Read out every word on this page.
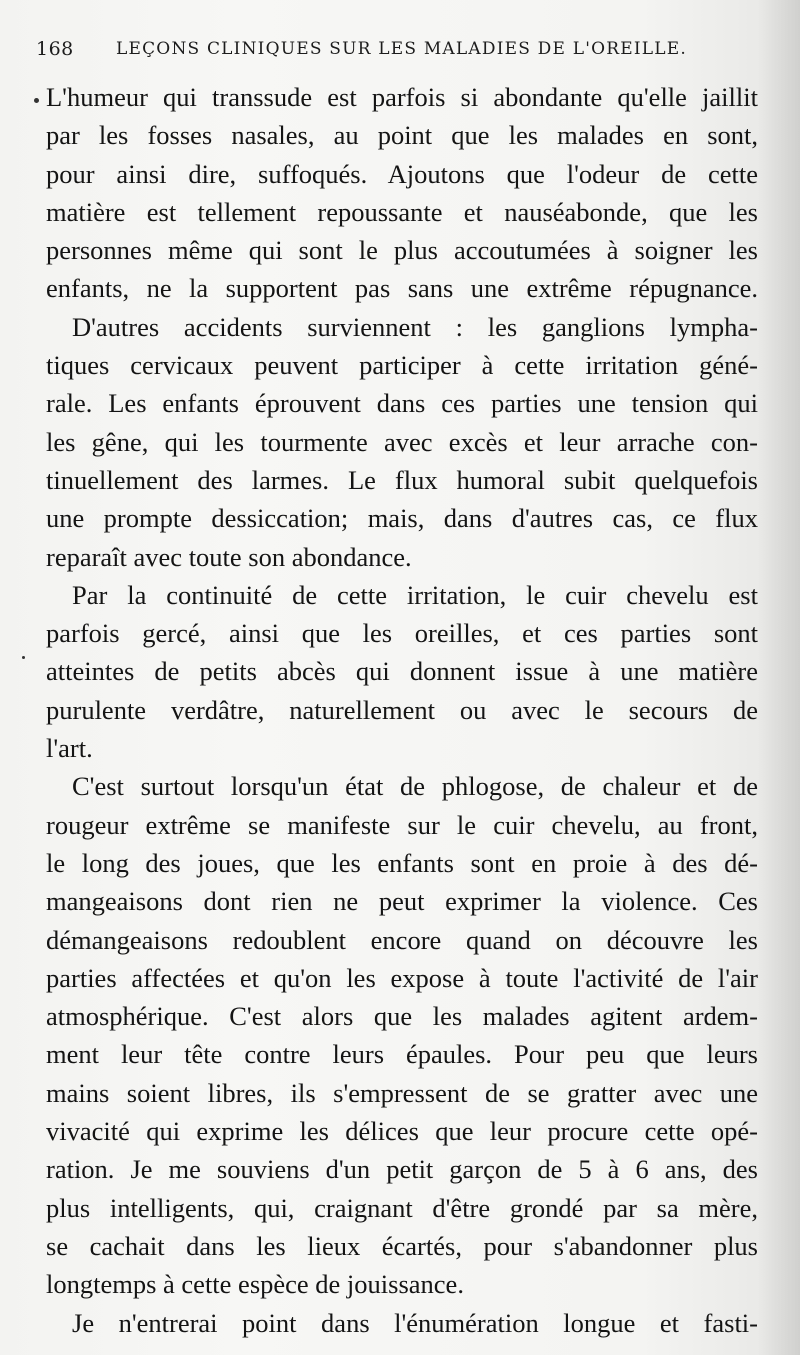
168 LEÇONS CLINIQUES SUR LES MALADIES DE L'OREILLE.
L'humeur qui transsude est parfois si abondante qu'elle jaillit
par les fosses nasales, au point que les malades en sont,
pour ainsi dire, suffoqués. Ajoutons que l'odeur de cette
matière est tellement repoussante et nauséabonde, que les
personnes même qui sont le plus accoutumées à soigner les
enfants, ne la supportent pas sans une extrême répugnance.
D'autres accidents surviennent : les ganglions lympha-
tiques cervicaux peuvent participer à cette irritation géné-
rale. Les enfants éprouvent dans ces parties une tension qui
les gêne, qui les tourmente avec excès et leur arrache con-
tinuellement des larmes. Le flux humoral subit quelquefois
une prompte dessiccation; mais, dans d'autres cas, ce flux
reparaît avec toute son abondance.
Par la continuité de cette irritation, le cuir chevelu est
parfois gercé, ainsi que les oreilles, et ces parties sont
atteintes de petits abcès qui donnent issue à une matière
purulente verdâtre, naturellement ou avec le secours de
l'art.
C'est surtout lorsqu'un état de phlogose, de chaleur et de
rougeur extrême se manifeste sur le cuir chevelu, au front,
le long des joues, que les enfants sont en proie à des dé-
mangeaisons dont rien ne peut exprimer la violence. Ces
démangeaisons redoublent encore quand on découvre les
parties affectées et qu'on les expose à toute l'activité de l'air
atmosphérique. C'est alors que les malades agitent ardem-
ment leur tête contre leurs épaules. Pour peu que leurs
mains soient libres, ils s'empressent de se gratter avec une
vivacité qui exprime les délices que leur procure cette opé-
ration. Je me souviens d'un petit garçon de 5 à 6 ans, des
plus intelligents, qui, craignant d'être grondé par sa mère,
se cachait dans les lieux écartés, pour s'abandonner plus
longtemps à cette espèce de jouissance.
Je n'entrerai point dans l'énumération longue et fasti-
